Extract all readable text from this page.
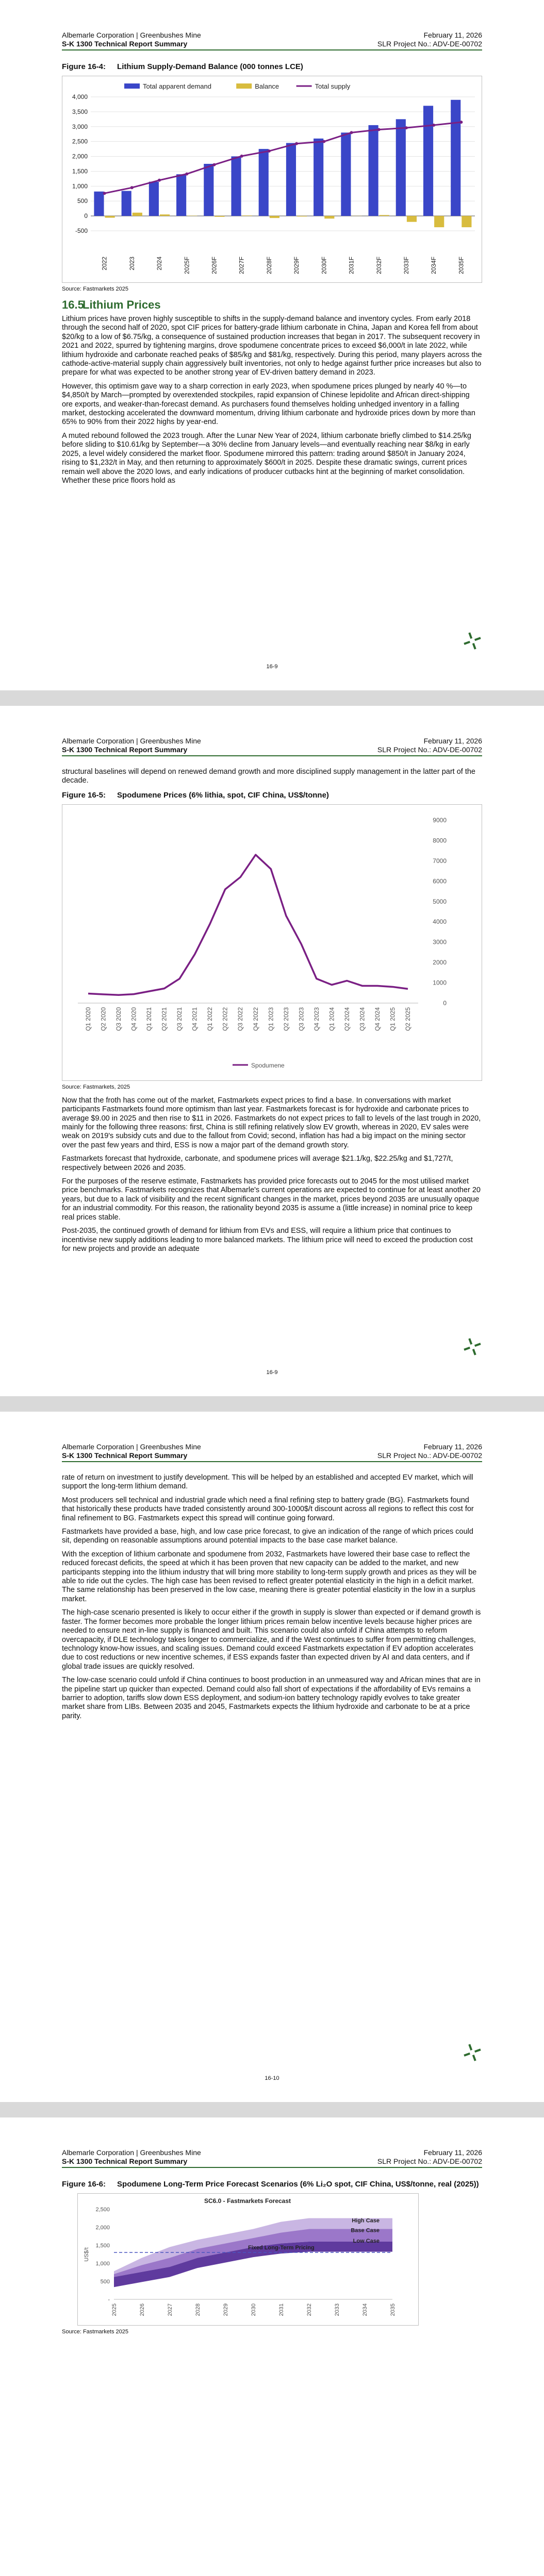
Albemarle Corporation | Greenbushes Mine
S-K 1300 Technical Report Summary
February 11, 2026
SLR Project No.: ADV-DE-00702
Figure 16-4: Lithium Supply-Demand Balance (000 tonnes LCE)
Total apparent demand	Balance	Total supply
4,000
3,500
3,000
2,500
2,000
1,500
1,000
500
0
-500
2022	2023	2024	2025F	2026F	2027F	2028F	2029F	2030F	2031F	2032F	2033F	2034F	2035F
Source: Fastmarkets 2025
16.5Lithium Prices

Lithium prices have proven highly susceptible to shifts in the supply-demand balance and inventory cycles. From early 2018 through the second half of 2020, spot CIF prices for battery-grade lithium carbonate in China, Japan and Korea fell from about $20/kg to a low of $6.75/kg, a consequence of sustained production increases that began in 2017. The subsequent recovery in 2021 and 2022, spurred by tightening margins, drove spodumene concentrate prices to exceed $6,000/t in late 2022, while lithium hydroxide and carbonate reached peaks of $85/kg and $81/kg, respectively. During this period, many players across the cathode-active-material supply chain aggressively built inventories, not only to hedge against further price increases but also to prepare for what was expected to be another strong year of EV-driven battery demand in 2023.

However, this optimism gave way to a sharp correction in early 2023, when spodumene prices plunged by nearly 40 %—to $4,850/t by March—prompted by overextended stockpiles, rapid expansion of Chinese lepidolite and African direct-shipping ore exports, and weaker-than-forecast demand. As purchasers found themselves holding unhedged inventory in a falling market, destocking accelerated the downward momentum, driving lithium carbonate and hydroxide prices down by more than 65% to 90% from their 2022 highs by year-end.

A muted rebound followed the 2023 trough. After the Lunar New Year of 2024, lithium carbonate briefly climbed to $14.25/kg before sliding to $10.61/kg by September—a 30% decline from January levels—and eventually reaching near $8/kg in early 2025, a level widely considered the market floor. Spodumene mirrored this pattern: trading around $850/t in January 2024, rising to $1,232/t in May, and then returning to approximately $600/t in 2025. Despite these dramatic swings, current prices remain well above the 2020 lows, and early indications of producer cutbacks hint at the beginning of market consolidation. Whether these price floors hold as

16-9
Albemarle Corporation | Greenbushes Mine
S-K 1300 Technical Report Summary
February 11, 2026
SLR Project No.: ADV-DE-00702

structural baselines will depend on renewed demand growth and more disciplined supply management in the latter part of the decade.

Figure 16-5: Spodumene Prices (6% lithia, spot, CIF China, US$/tonne)
9000
8000
7000
6000
5000
4000
3000
2000
1000
0
Q1 2020 Q2 2020 Q3 2020 Q4 2020 Q1 2021 Q2 2021 Q3 2021 Q4 2021 Q1 2022 Q2 2022 Q3 2022 Q4 2022 Q1 2023 Q2 2023 Q3 2023 Q4 2023 Q1 2024 Q2 2024 Q3 2024 Q4 2024 Q1 2025 Q2 2025
Spodumene
Source: Fastmarkets, 2025

Now that the froth has come out of the market, Fastmarkets expect prices to find a base. In conversations with market participants Fastmarkets found more optimism than last year. Fastmarkets forecast is for hydroxide and carbonate prices to average $9.00 in 2025 and then rise to $11 in 2026. Fastmarkets do not expect prices to fall to levels of the last trough in 2020, mainly for the following three reasons: first, China is still refining relatively slow EV growth, whereas in 2020, EV sales were weak on 2019's subsidy cuts and due to the fallout from Covid; second, inflation has had a big impact on the mining sector over the past few years and third, ESS is now a major part of the demand growth story.

Fastmarkets forecast that hydroxide, carbonate, and spodumene prices will average $21.1/kg, $22.25/kg and $1,727/t, respectively between 2026 and 2035.

For the purposes of the reserve estimate, Fastmarkets has provided price forecasts out to 2045 for the most utilised market price benchmarks. Fastmarkets recognizes that Albemarle's current operations are expected to continue for at least another 20 years, but due to a lack of visibility and the recent significant changes in the market, prices beyond 2035 are unusually opaque for an industrial commodity. For this reason, the rationality beyond 2035 is assume a (little increase) in nominal price to keep real prices stable.

Post-2035, the continued growth of demand for lithium from EVs and ESS, will require a lithium price that continues to incentivise new supply additions leading to more balanced markets. The lithium price will need to exceed the production cost for new projects and provide an adequate

16-9
Albemarle Corporation | Greenbushes Mine
S-K 1300 Technical Report Summary
February 11, 2026
SLR Project No.: ADV-DE-00702

rate of return on investment to justify development. This will be helped by an established and accepted EV market, which will support the long-term lithium demand.

Most producers sell technical and industrial grade which need a final refining step to battery grade (BG). Fastmarkets found that historically these products have traded consistently around 300-1000$/t discount across all regions to reflect this cost for final refinement to BG. Fastmarkets expect this spread will continue going forward.

Fastmarkets have provided a base, high, and low case price forecast, to give an indication of the range of which prices could sit, depending on reasonable assumptions around potential impacts to the base case market balance.

With the exception of lithium carbonate and spodumene from 2032, Fastmarkets have lowered their base case to reflect the reduced forecast deficits, the speed at which it has been proven that new capacity can be added to the market, and new participants stepping into the lithium industry that will bring more stability to long-term supply growth and prices as they will be able to ride out the cycles. The high case has been revised to reflect greater potential elasticity in the high in a deficit market. The same relationship has been preserved in the low case, meaning there is greater potential elasticity in the low in a surplus market.

The high-case scenario presented is likely to occur either if the growth in supply is slower than expected or if demand growth is faster. The former becomes more probable the longer lithium prices remain below incentive levels because higher prices are needed to ensure next in-line supply is financed and built. This scenario could also unfold if China attempts to reform overcapacity, if DLE technology takes longer to commercialize, and if the West continues to suffer from permitting challenges, technology know-how issues, and scaling issues. Demand could exceed Fastmarkets expectation if EV adoption accelerates due to cost reductions or new incentive schemes, if ESS expands faster than expected driven by AI and data centers, and if global trade issues are quickly resolved.

The low-case scenario could unfold if China continues to boost production in an unmeasured way and African mines that are in the pipeline start up quicker than expected. Demand could also fall short of expectations if the affordability of EVs remains a barrier to adoption, tariffs slow down ESS deployment, and sodium-ion battery technology rapidly evolves to take greater market share from LIBs. Between 2035 and 2045, Fastmarkets expects the lithium hydroxide and carbonate to be at a price parity.

16-10
Albemarle Corporation | Greenbushes Mine
S-K 1300 Technical Report Summary
February 11, 2026
SLR Project No.: ADV-DE-00702
Figure 16-6: Spodumene Long-Term Price Forecast Scenarios (6% Li₂O spot, CIF China, US$/tonne, real (2025))
SC6.0 - Fastmarkets Forecast
2,500
2,000
1,500
1,000
500
-
US$/t
High Case
Base Case
Low Case
Fixed Long-Term Pricing
2025	2026	2027	2028	2029	2030	2031	2032	2033	2034	2035
Source: Fastmarkets 2025
